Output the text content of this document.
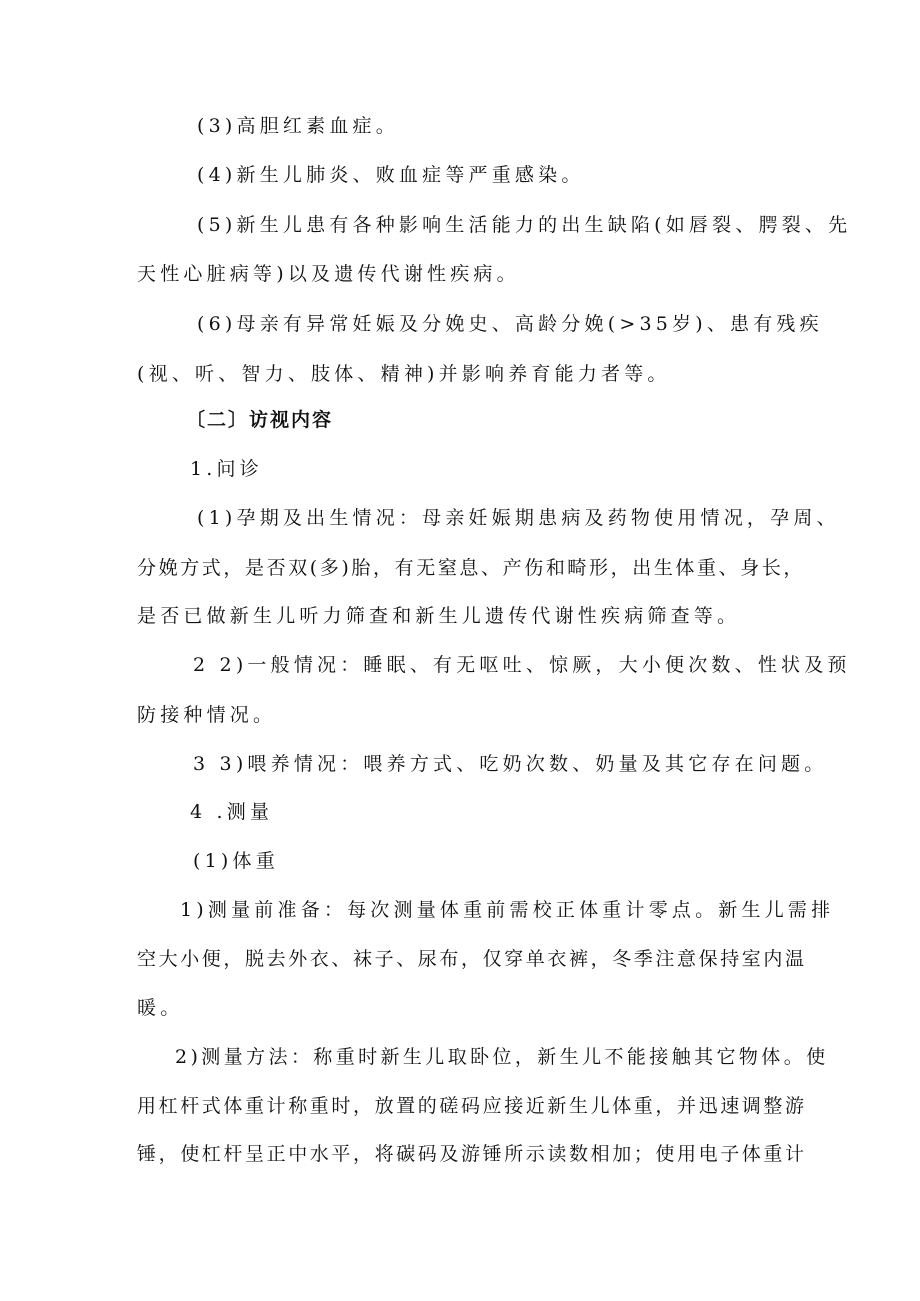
(3)高胆红素血症。
(4)新生儿肺炎、败血症等严重感染。
(5)新生儿患有各种影响生活能力的出生缺陷(如唇裂、腭裂、先
天性心脏病等)以及遗传代谢性疾病。
(6)母亲有异常妊娠及分娩史、高龄分娩(>35岁)、患有残疾
(视、听、智力、肢体、精神)并影响养育能力者等。
〔二〕访视内容
1.问诊
(1)孕期及出生情况：母亲妊娠期患病及药物使用情况，孕周、
分娩方式，是否双(多)胎，有无窒息、产伤和畸形，出生体重、身长，
是否已做新生儿听力筛查和新生儿遗传代谢性疾病筛查等。
2 2)一般情况：睡眠、有无呕吐、惊厥，大小便次数、性状及预
防接种情况。
3 3)喂养情况：喂养方式、吃奶次数、奶量及其它存在问题。
4 .测量
(1)体重
1)测量前准备：每次测量体重前需校正体重计零点。新生儿需排
空大小便，脱去外衣、袜子、尿布，仅穿单衣裤，冬季注意保持室内温
暖。
2)测量方法：称重时新生儿取卧位，新生儿不能接触其它物体。使
用杠杆式体重计称重时，放置的磋码应接近新生儿体重，并迅速调整游
锤，使杠杆呈正中水平，将碳码及游锤所示读数相加；使用电子体重计
